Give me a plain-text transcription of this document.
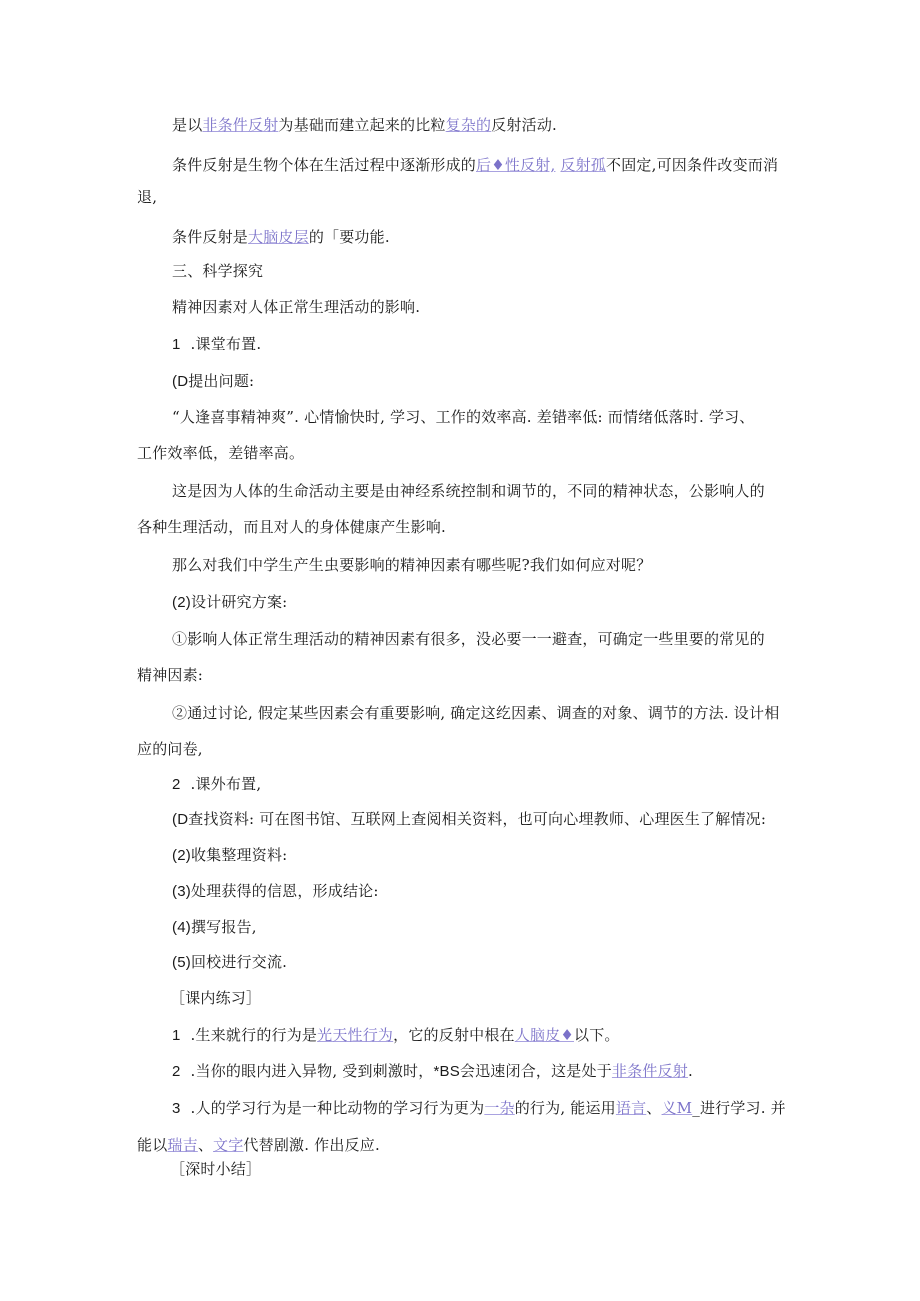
是以非条件反射为基础而建立起来的比粒复杂的反射活动.
条件反射是生物个体在生活过程中逐渐形成的后♦性反射, 反射孤不固定,可因条件改变而消
退,
条件反射是大脑皮层的「要功能.
三、科学探究
精神因素对人体正常生理活动的影响.
1 .课堂布置.
(D提出问题:
“人逢喜事精神爽”. 心情愉快时, 学习、工作的效率高. 差错率低: 而情绪低落时. 学习、
工作效率低，差错率高。
这是因为人体的生命活动主要是由神经系统控制和调节的，不同的精神状态，公影响人的
各种生理活动，而且对人的身体健康产生影响.
那么对我们中学生产生虫要影响的精神因素有哪些呢?我们如何应对呢？
(2)设计研究方案:
①影响人体正常生理活动的精神因素有很多，没必要一一避查，可确定一些里要的常见的
精神因素:
②通过讨论, 假定某些因素会有重要影响, 确定这纥因素、调查的对象、调节的方法. 设计相
应的问卷,
2 .课外布置,
(D查找资料: 可在图书馆、互联网上查阅相关资料，也可向心埋教师、心理医生了解情况:
(2)收集整理资料:
(3)处理获得的信恩，形成结论:
(4)撰写报告,
(5)回校进行交流.
［课内练习］
1 .生来就行的行为是光天性行为，它的反射中根在人脑皮♦以下。
2 .当你的眼内进入异物, 受到刺激时，*BS会迅速闭合，这是处于非条件反射.
3 .人的学习行为是一种比动物的学习行为更为一杂的行为, 能运用语言、义M_进行学习. 并
能以瑞吉、文字代替剧激. 作出反应.
［深时小结］
